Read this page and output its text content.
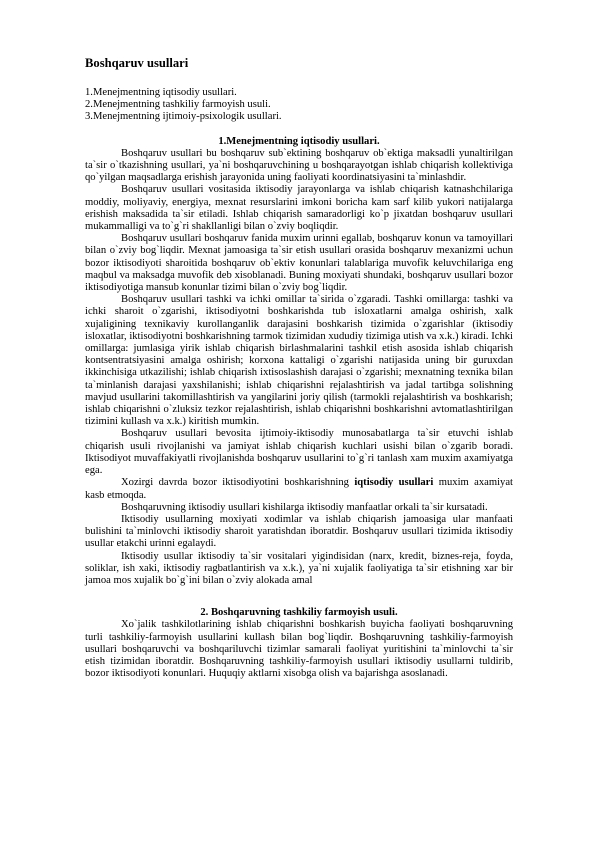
Boshqaruv usullari
1.Menejmentning iqtisodiy usullari.
2.Menejmentning tashkiliy farmoyish usuli.
3.Menejmentning ijtimoiy-psixologik usullari.
1.Menejmentning iqtisodiy usullari.

Boshqaruv usullari bu boshqaruv sub`ektining boshqaruv ob`ektiga maksadli yunaltirilgan ta`sir o`tkazishning usullari, ya`ni boshqaruvchining u boshqarayotgan ishlab chiqarish kollektiviga qo`yilgan maqsadlarga erishish jarayonida uning faoliyati koordinatsiyasini ta`minlashdir.

Boshqaruv usullari vositasida iktisodiy jarayonlarga va ishlab chiqarish katnashchilariga moddiy, moliyaviy, energiya, mexnat resurslarini imkoni boricha kam sarf kilib yukori natijalarga erishish maksadida ta`sir etiladi. Ishlab chiqarish samaradorligi ko`p jixatdan boshqaruv usullari mukammalligi va to`g`ri shakllanligi bilan o`zviy boqliqdir.

Boshqaruv usullari boshqaruv fanida muxim urinni egallab, boshqaruv konun va tamoyillari bilan o`zviy bog`liqdir. Mexnat jamoasiga ta`sir etish usullari orasida boshqaruv mexanizmi uchun bozor iktisodiyoti sharoitida boshqaruv ob`ektiv konunlari talablariga muvofik keluvchilariga eng maqbul va maksadga muvofik deb xisoblanadi. Buning moxiyati shundaki, boshqaruv usullari bozor iktisodiyotiga mansub konunlar tizimi bilan o`zviy bog`liqdir.

Boshqaruv usullari tashki va ichki omillar ta`sirida o`zgaradi. Tashki omillarga: tashki va ichki sharoit o`zgarishi, iktisodiyotni boshkarishda tub isloxatlarni amalga oshirish, xalk xujaligining texnikaviy kurollanganlik darajasini boshkarish tizimida o`zgarishlar (iktisodiy isloxatlar, iktisodiyotni boshkarishning tarmok tizimidan xududiy tizimiga utish va x.k.) kiradi. Ichki omillarga: jumlasiga yirik ishlab chiqarish birlashmalarini tashkil etish asosida ishlab chiqarish kontsentratsiyasini amalga oshirish; korxona kattaligi o`zgarishi natijasida uning bir guruxdan ikkinchisiga utkazilishi; ishlab chiqarish ixtisoslashish darajasi o`zgarishi; mexnatning texnika bilan ta`minlanish darajasi yaxshilanishi; ishlab chiqarishni rejalashtirish va jadal tartibga solishning mavjud usullarini takomillashtirish va yangilarini joriy qilish (tarmokli rejalashtirish va boshkarish; ishlab chiqarishni o`zluksiz tezkor rejalashtirish, ishlab chiqarishni boshkarishni avtomatlashtirilgan tizimini kullash va x.k.) kiritish mumkin.

Boshqaruv usullari bevosita ijtimoiy-iktisodiy munosabatlarga ta`sir etuvchi ishlab chiqarish usuli rivojlanishi va jamiyat ishlab chiqarish kuchlari usishi bilan o`zgarib boradi. Iktisodiyot muvaffakiyatli rivojlanishda boshqaruv usullarini to`g`ri tanlash xam muxim axamiyatga ega.

Xozirgi davrda bozor iktisodiyotini boshkarishning iqtisodiy usullari muxim axamiyat kasb etmoqda.

Boshqaruvning iktisodiy usullari kishilarga iktisodiy manfaatlar orkali ta`sir kursatadi.

Iktisodiy usullarning moxiyati xodimlar va ishlab chiqarish jamoasiga ular manfaati bulishini ta`minlovchi iktisodiy sharoit yaratishdan iboratdir. Boshqaruv usullari tizimida iktisodiy usullar etakchi urinni egalaydi.

Iktisodiy usullar iktisodiy ta`sir vositalari yigindisidan (narx, kredit, biznes-reja, foyda, soliklar, ish xaki, iktisodiy ragbatlantirish va x.k.), ya`ni xujalik faoliyatiga ta`sir etishning xar bir jamoa mos xujalik bo`g`ini bilan o`zviy alokada amal

2. Boshqaruvning tashkiliy farmoyish usuli.

Xo`jalik tashkilotlarining ishlab chiqarishni boshkarish buyicha faoliyati boshqaruvning turli tashkiliy-farmoyish usullarini kullash bilan bog`liqdir. Boshqaruvning tashkiliy-farmoyish usullari boshqaruvchi va boshqariluvchi tizimlar samarali faoliyat yuritishini ta`minlovchi ta`sir etish tizimidan iboratdir. Boshqaruvning tashkiliy-farmoyish usullari iktisodiy usullarni tuldirib, bozor iktisodiyoti konunlari. Huquqiy aktlarni xisobga olish va bajarishga asoslanadi.
